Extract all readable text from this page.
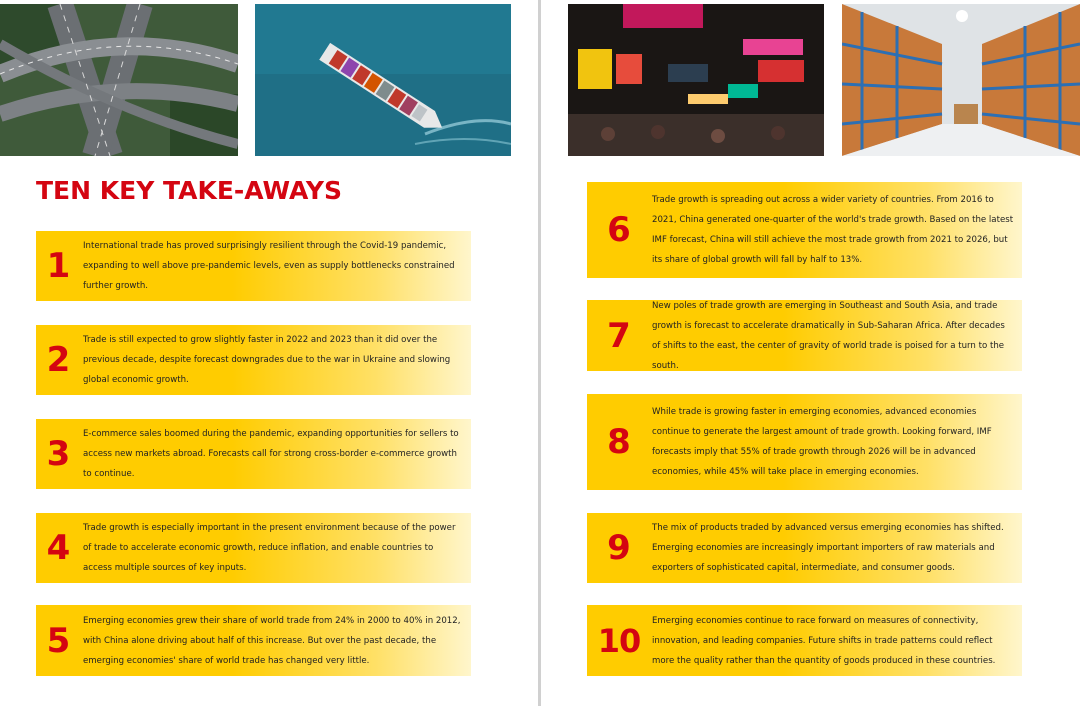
TEN KEY TAKE-AWAYS
1	International trade has proved surprisingly resilient through the Covid-19 pandemic, expanding to well above pre-pandemic levels, even as supply bottlenecks constrained further growth.
2	Trade is still expected to grow slightly faster in 2022 and 2023 than it did over the previous decade, despite forecast downgrades due to the war in Ukraine and slowing global economic growth.
3	E-commerce sales boomed during the pandemic, expanding opportunities for sellers to access new markets abroad. Forecasts call for strong cross-border e-commerce growth to continue.
4	Trade growth is especially important in the present environment because of the power of trade to accelerate economic growth, reduce inflation, and enable countries to access multiple sources of key inputs.
5	Emerging economies grew their share of world trade from 24% in 2000 to 40% in 2012, with China alone driving about half of this increase. But over the past decade, the emerging economies' share of world trade has changed very little.
6
Trade growth is spreading out across a wider variety of countries. From 2016 to 2021, China generated one-quarter of the world's trade growth. Based on the latest IMF forecast, China will still achieve the most trade growth from 2021 to 2026, but its share of global growth will fall by half to 13%.
7
New poles of trade growth are emerging in Southeast and South Asia, and trade growth is forecast to accelerate dramatically in Sub-Saharan Africa. After decades of shifts to the east, the center of gravity of world trade is poised for a turn to the south.
8
While trade is growing faster in emerging economies, advanced economies continue to generate the largest amount of trade growth. Looking forward, IMF forecasts imply that 55% of trade growth through 2026 will be in advanced economies, while 45% will take place in emerging economies.
9	The mix of products traded by advanced versus emerging economies has shifted. Emerging economies are increasingly important importers of raw materials and exporters of sophisticated capital, intermediate, and consumer goods.
10
Emerging economies continue to race forward on measures of connectivity, innovation, and leading companies. Future shifts in trade patterns could reflect more the quality rather than the quantity of goods produced in these countries.
